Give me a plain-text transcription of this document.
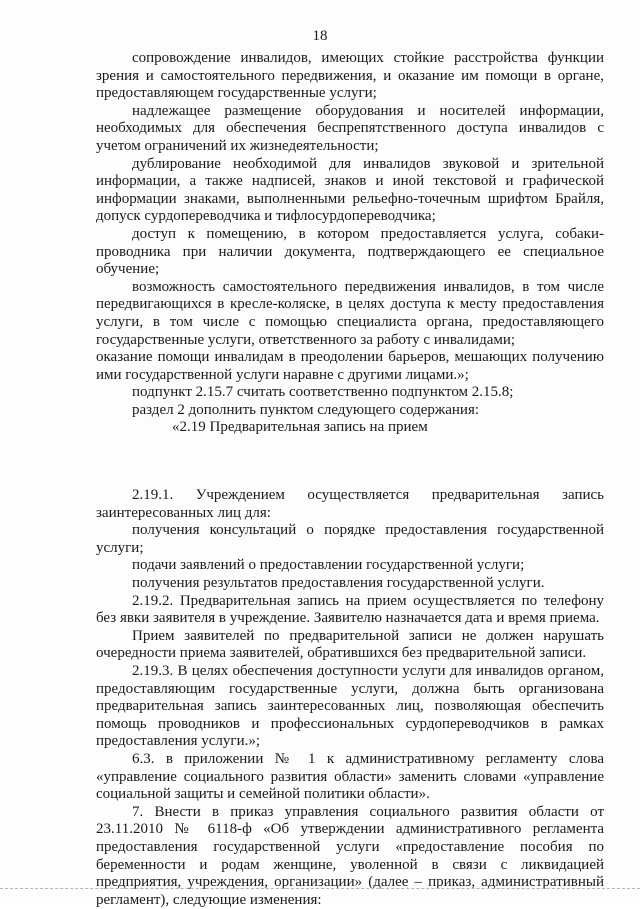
18

сопровождение инвалидов, имеющих стойкие расстройства функции зрения и самостоятельного передвижения, и оказание им помощи в органе, предоставляющем государственные услуги;

надлежащее размещение оборудования и носителей информации, необходимых для обеспечения беспрепятственного доступа инвалидов с учетом ограничений их жизнедеятельности;

дублирование необходимой для инвалидов звуковой и зрительной информации, а также надписей, знаков и иной текстовой и графической информации знаками, выполненными рельефно-точечным шрифтом Брайля, допуск сурдопереводчика и тифлосурдопереводчика;

доступ к помещению, в котором предоставляется услуга, собаки-проводника при наличии документа, подтверждающего ее специальное обучение;

возможность самостоятельного передвижения инвалидов, в том числе передвигающихся в кресле-коляске, в целях доступа к месту предоставления услуги, в том числе с помощью специалиста органа, предоставляющего государственные услуги, ответственного за работу с инвалидами;

оказание помощи инвалидам в преодолении барьеров, мешающих получению ими государственной услуги наравне с другими лицами.»;

подпункт 2.15.7 считать соответственно подпунктом 2.15.8;

раздел 2 дополнить пунктом следующего содержания:

«2.19 Предварительная запись на прием

2.19.1. Учреждением осуществляется предварительная запись заинтересованных лиц для:

получения консультаций о порядке предоставления государственной услуги;

подачи заявлений о предоставлении государственной услуги;

получения результатов предоставления государственной услуги.

2.19.2. Предварительная запись на прием осуществляется по телефону без явки заявителя в учреждение. Заявителю назначается дата и время приема.

Прием заявителей по предварительной записи не должен нарушать очередности приема заявителей, обратившихся без предварительной записи.

2.19.3. В целях обеспечения доступности услуги для инвалидов органом, предоставляющим государственные услуги, должна быть организована предварительная запись заинтересованных лиц, позволяющая обеспечить помощь проводников и профессиональных сурдопереводчиков в рамках предоставления услуги.»;

6.3. в приложении № 1 к административному регламенту слова «управление социального развития области» заменить словами «управление социальной защиты и семейной политики области».

7. Внести в приказ управления социального развития области от 23.11.2010 № 6118-ф «Об утверждении административного регламента предоставления государственной услуги «предоставление пособия по беременности и родам женщине, уволенной в связи с ликвидацией предприятия, учреждения, организации» (далее – приказ, административный регламент), следующие изменения:
